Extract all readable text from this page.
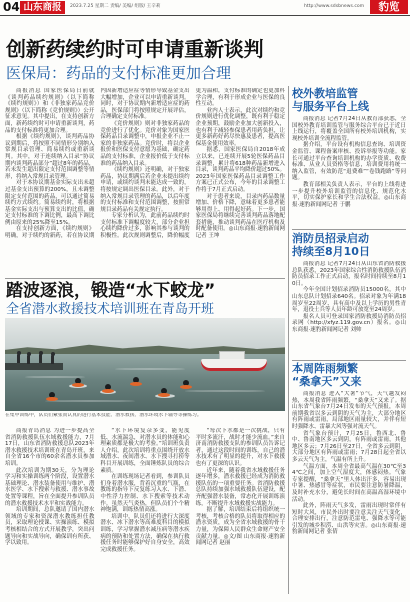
04 山东商报	2023.7.25 星期二 责编/ 美编/ 组版/ 王辛莉	http://www.sdsbnews.com	豹览
创新药续约时可申请重新谈判
医保局：药品的支付标准更加合理

商报消息 国家医保局日前就《谈判药品续约规则》（以下简称《续约规则》）和《非独家药品竞价规则》（以下简称《竞价规则》）公开征求意见。其中提出，在支持创新方面，新药续约时可申请重新谈判，药品的支付标准将更加合理。

根据《续约规则》，谈判药品协议到期后，将按照不同情形分别纳入常规目录管理、简易续约或重新谈判。其中，对于连续纳入目录“协议期内谈判药品部分”超过8年的药品，若未发生超出限定支付范围调整等情形，将纳入常规目录管理。

对于本协议期基金实际支出未超过基金支出预算的200%，且未调整限定支付范围的药品，可以通过简易续约方式续约。简易续约时，将根据基金实际支出与预算支出的比值，确定支付标准的下调比例，最高下调比例由原来的25%降至15%。

在支持创新方面，《续约规则》明确，对于续约的新药，若在协议期内因新增适应症等情形导致基金支出大幅增加，企业可以申请重新谈判。同时，对于协议期内新增适应症的药品，医保部门将按照规定开展评估，合理确定支付标准。

《竞价规则》则对非独家药品的竞价进行了优化。竞价对象为国家医保药品目录调整中，申报企业不止一家的非独家药品。竞价时，将以企业报价和医保支付意愿为基础，确定药品的支付标准，企业报价低于支付标准的药品纳入目录。

《续约规则》还明确，对于独家药品，协议期满后若企业未提出续约申请，或续约谈判未能达成一致的，将按规定调出医保目录。此外，对于纳入常规目录管理的药品，以后年度的支付标准和支付范围调整，按照常规目录药品有关规定执行。

专家分析认为，此前药品续约时支付标准下调幅度较大，部分企业担心续约降价过多，影响其参与谈判的积极性。此次规则调整后，降价幅度更为温和，支付标准的确定也更加科学合理，有利于形成企业与医保的良性互动。

业内人士表示，此次对续约和竞价规则进行优化调整，既有利于稳定企业预期，鼓励企业加大创新投入，也有利于减轻参保患者用药负担，让更多新药好药尽快惠及患者，提高医保基金使用效率。

据悉，国家医保局自2018年成立以来，已连续开展5轮医保药品目录调整，累计将618种药品新增进入目录，谈判药品平均降价超过50%。2023年国家医保药品目录调整工作方案已正式公布，今年的目录调整工作将于7月正式启动。

对于患者来说，目录内药品数量增加、价格下降，意味着更多患者能够用得上、用得起好药。下一步，国家医保局将继续完善谈判药品落地配套措施，推动谈判药品在医疗机构及时配备使用。◎山东商报·速豹新闻网记者 王坤

踏波逐浪，锻造“水下蛟龙”
全省潜水救援技术培训班在青岛开班
在集中训练中，队员们紧张而认真的进行基本技能、潜水救援、潜水环境水下辅导等操练习。

商报青岛消息 为进一步提高全省消防救援队伍水域救援能力，7月17日，山东省消防救援总队2023年潜水救援技术培训班在青岛开班，来自全省16个市的60余名潜水员参加培训。

此次培训为期30天，分为理论学习和实操训练两个阶段，设置潜水基础理论、潜水装备使用与维护、潜水医学、水下搜索与救援、潜水事故处置等课程，旨在全面提升参训队员的潜水救援技术水平和实战能力。

培训期间，总队邀请了国内潜水领域的专家和资深潜水教练担任教员，采取理论授课、实操演练、模拟考核相结合的方式开展教学，突出问题导向和实战导向，确保训有所获、学以致用。

“水下环境复杂多变，能见度低、水流湍急，对潜水员的体能和心理素质都是极大的考验。”培训班负责人介绍，此次培训将重点围绕开放水域潜水、夜间潜水、水下搜寻打捞等科目开展训练，全面锤炼队员的综合素质。

在训练现场记者看到，参训队员们身着潜水服，背着沉重的气瓶，在教练的指导下反复练习入水、下潜、中性浮力控制、水下搜索等技术动作。虽然天气炎热，但队员们个个精神饱满，训练热情高涨。

培训中，队员们还将进行大深度潜水、冰下潜水等高难度科目的模拟训练，学习掌握潜水减压病等潜水疾病的预防和处置方法，确保在执行救援任务时能够保护好自身安全，高效完成救援任务。

“每次下水都是一次挑战，只有平时多流汗，战时才能少流血。”来自济南消防救援支队的参训队员告诉记者，通过这段时间的训练，自己的潜水技术有了明显的提升，对水下救援也有了更深的认识。

近年来，随着我省水域救援任务逐年增多，潜水救援已经成为消防救援队伍的一项重要任务。省消防救援总队持续加强水域救援队伍建设，配齐配强潜水装备，常态化开展训练演练，不断提升水域救援实战能力。

据了解，培训结束后将组织统一考核，考核合格的队员将取得相应的潜水资质，成为全省水域救援的骨干力量，为保障人民群众生命财产安全贡献力量。◎文/图 山东商报·速豹新闻网记者 赵丽

校外教培监管
与服务平台上线

商报消息 记者7月24日从教育部获悉，全国校外教育培训监管与服务综合平台已于近日上线运行，将覆盖全国所有校外培训机构，实现校外培训全流程监管。

据介绍，平台设有机构信息查询、培训资金监管、课程备案审核、投诉举报等功能。家长可通过平台查询培训机构的办学资质、收费标准、从业人员资格等信息，培训费用将统一纳入监管，有效防范“退费难”“卷钱跑路”等问题。

教育部相关负责人表示，平台的上线将进一步提升校外培训监管的信息化、规范化水平，切实保护家长和学生合法权益。◎山东商报·速豹新闻网记者 于鹏

消防员招录启动
持续至8月10日

商报消息 记者7月24日从山东省消防救援总队获悉，2023年国家综合性消防救援队伍消防员招录工作正式启动，报名时间持续至8月10日。

今年全国计划招录消防员15000名，其中山东总队计划招录640名。招录对象为年满18周岁至22周岁、具有高中及以上学历的男性青年，退役士兵等人员年龄可放宽至24周岁。

报名人员可登录国家消防救援局消防员招录网（http://xfyz.119.gov.cn）报名。◎山东商报·速豹新闻网记者 刘帅

本周阵雨频繁
“桑拿天”又来

商报消息 进入“大暑”节气，天气越发闷热，本周我省阵雨频繁，“桑拿天”又来了。据山东省气象台7月24日发布的天气预报，本周前期我省以多云到阴的天气为主，大部分地区有阵雨或雷雨，局部地区雨量较大，并伴有短时强降水、雷暴大风等强对流天气。

省气象台预计，7月25日，鲁西北、鲁中、鲁南地区多云到阴，有阵雨或雷雨，其他地区多云；7月26日至27日，全省多云到阴，大部分地区有阵雨或雷雨；7月28日起全省以多云天气为主，气温有所上升。

气温方面，本周全省最高气温在30℃至34℃之间，加上空气湿度大，体感闷热。气象专家提醒，“桑拿天”里人体出汗多，容易出现中暑、热感冒等症状，市民要注意防暑降温，及时补充水分，避免长时间在高温高湿环境中活动。

此外，阵雨天气多发，雷雨出现时常伴有短时大风，市民外出时要注意关注天气变化，合理安排出行，注意防范雷电、强降水等可能引发的城乡积涝、山洪等灾害。◎山东商报·速豹新闻网记者 张倩
